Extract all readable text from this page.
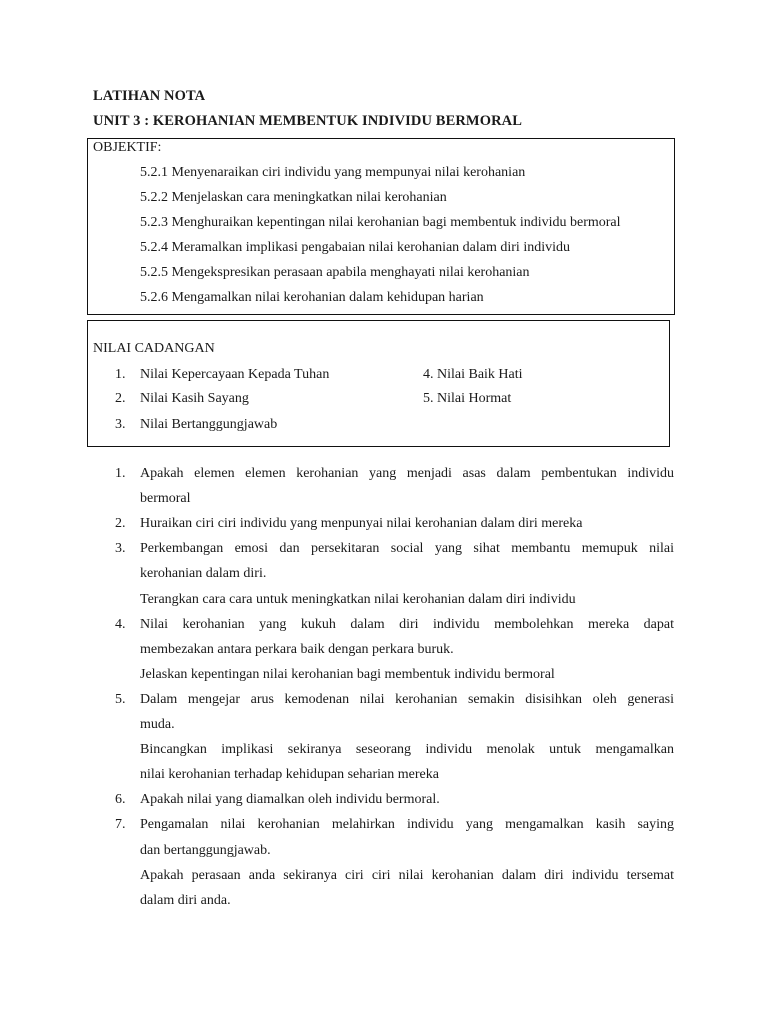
LATIHAN NOTA
UNIT 3 : KEROHANIAN MEMBENTUK INDIVIDU BERMORAL
OBJEKTIF:
5.2.1 Menyenaraikan ciri individu yang mempunyai nilai kerohanian
5.2.2 Menjelaskan cara meningkatkan nilai kerohanian
5.2.3 Menghuraikan kepentingan nilai kerohanian bagi membentuk individu bermoral
5.2.4 Meramalkan implikasi pengabaian nilai kerohanian dalam diri individu
5.2.5 Mengekspresikan perasaan apabila menghayati nilai kerohanian
5.2.6 Mengamalkan nilai kerohanian dalam kehidupan harian
NILAI CADANGAN
1. Nilai Kepercayaan Kepada Tuhan
2. Nilai Kasih Sayang
3. Nilai Bertanggungjawab
4. Nilai Baik Hati
5. Nilai Hormat
1. Apakah elemen elemen kerohanian yang menjadi asas dalam pembentukan individu
bermoral
2. Huraikan ciri ciri individu yang menpunyai nilai kerohanian dalam diri mereka
3. Perkembangan emosi dan persekitaran social yang sihat membantu memupuk nilai
kerohanian dalam diri.
Terangkan cara cara untuk meningkatkan nilai kerohanian dalam diri individu
4. Nilai kerohanian yang kukuh dalam diri individu membolehkan mereka dapat
membezakan antara perkara baik dengan perkara buruk.
Jelaskan kepentingan nilai kerohanian bagi membentuk individu bermoral
5. Dalam mengejar arus kemodenan nilai kerohanian semakin disisihkan oleh generasi
muda.
Bincangkan implikasi sekiranya seseorang individu menolak untuk mengamalkan
nilai kerohanian terhadap kehidupan seharian mereka
6. Apakah nilai yang diamalkan oleh individu bermoral.
7. Pengamalan nilai kerohanian melahirkan individu yang mengamalkan kasih saying
dan bertanggungjawab.
Apakah perasaan anda sekiranya ciri ciri nilai kerohanian dalam diri individu tersemat
dalam diri anda.
